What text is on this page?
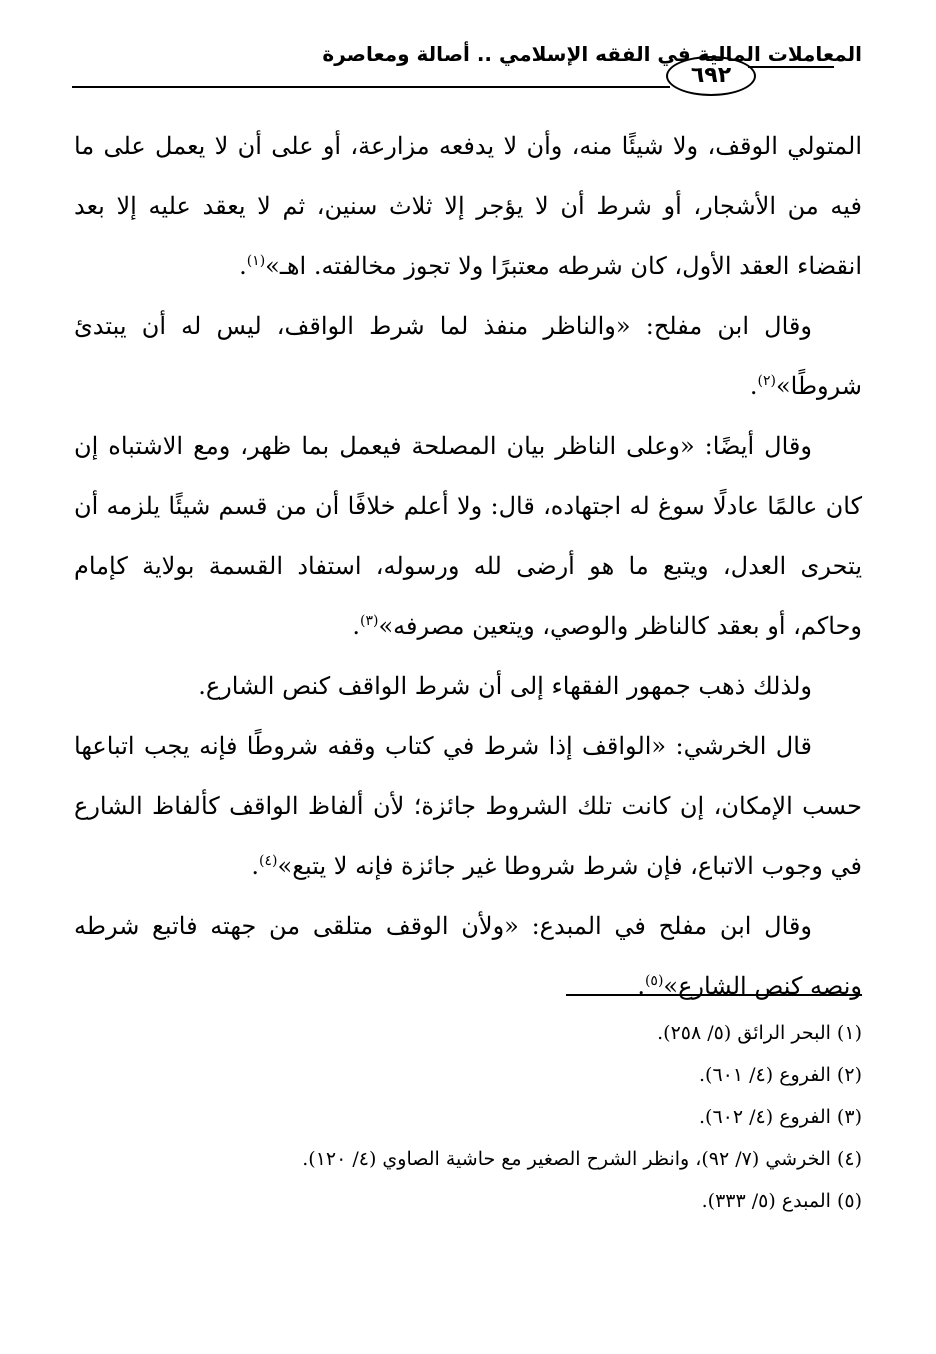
المعاملات المالية في الفقه الإسلامي .. أصالة ومعاصرة
٦٩٢

المتولي الوقف، ولا شيئًا منه، وأن لا يدفعه مزارعة، أو على أن لا يعمل على ما فيه من الأشجار، أو شرط أن لا يؤجر إلا ثلاث سنين، ثم لا يعقد عليه إلا بعد انقضاء العقد الأول، كان شرطه معتبرًا ولا تجوز مخالفته. اهـ»$^{(١)}$.

وقال ابن مفلح: «والناظر منفذ لما شرط الواقف، ليس له أن يبتدئ شروطًا»$^{(٢)}$.

وقال أيضًا: «وعلى الناظر بيان المصلحة فيعمل بما ظهر، ومع الاشتباه إن كان عالمًا عادلًا سوغ له اجتهاده، قال: ولا أعلم خلافًا أن من قسم شيئًا يلزمه أن يتحرى العدل، ويتبع ما هو أرضى لله ورسوله، استفاد القسمة بولاية كإمام وحاكم، أو بعقد كالناظر والوصي، ويتعين مصرفه»$^{(٣)}$.

ولذلك ذهب جمهور الفقهاء إلى أن شرط الواقف كنص الشارع.

قال الخرشي: «الواقف إذا شرط في كتاب وقفه شروطًا فإنه يجب اتباعها حسب الإمكان، إن كانت تلك الشروط جائزة؛ لأن ألفاظ الواقف كألفاظ الشارع في وجوب الاتباع، فإن شرط شروطا غير جائزة فإنه لا يتبع»$^{(٤)}$.

وقال ابن مفلح في المبدع: «ولأن الوقف متلقى من جهته فاتبع شرطه ونصه كنص الشارع»$^{(٥)}$.

(١) البحر الرائق (٥/ ٢٥٨).
(٢) الفروع (٤/ ٦٠١).
(٣) الفروع (٤/ ٦٠٢).
(٤) الخرشي (٧/ ٩٢)، وانظر الشرح الصغير مع حاشية الصاوي (٤/ ١٢٠).
(٥) المبدع (٥/ ٣٣٣).
